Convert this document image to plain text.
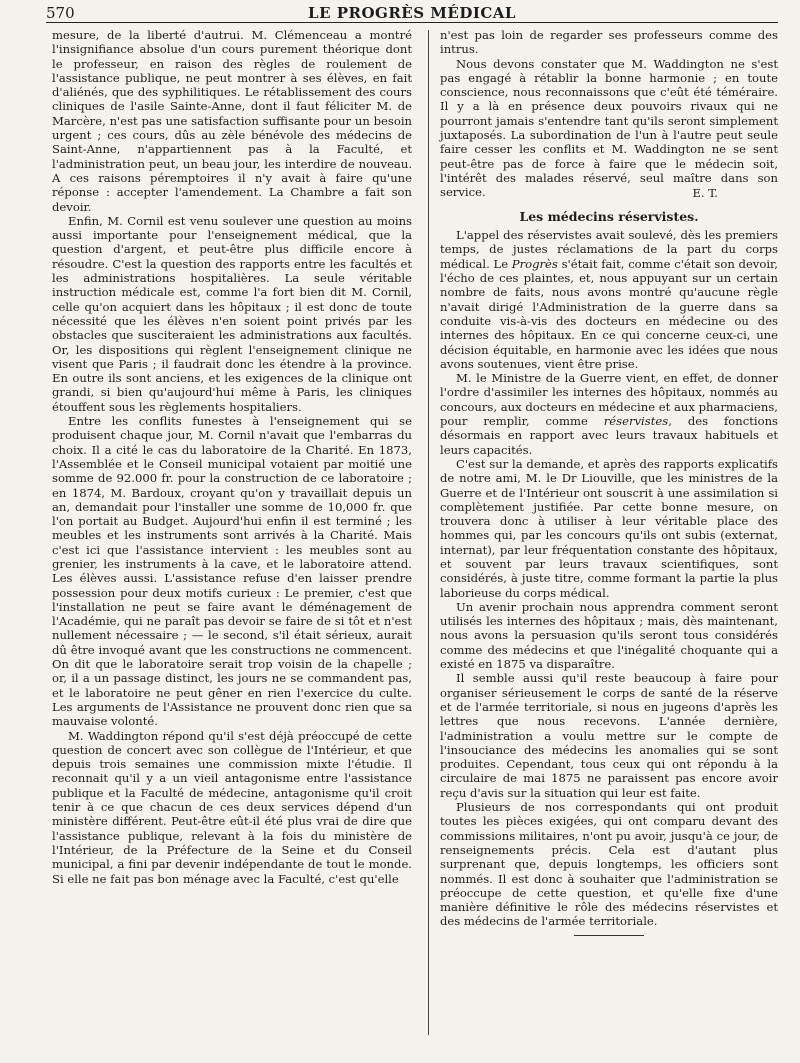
570	LE PROGRÈS MÉDICAL

mesure, de la liberté d'autrui. M. Clémenceau a montré l'insignifiance absolue d'un cours purement théorique dont le professeur, en raison des règles de roulement de l'assistance publique, ne peut montrer à ses élèves, en fait d'aliénés, que des syphilitiques. Le rétablissement des cours cliniques de l'asile Sainte-Anne, dont il faut féliciter M. de Marcère, n'est pas une satisfaction suffisante pour un besoin urgent ; ces cours, dûs au zèle bénévole des médecins de Saint-Anne, n'appartiennent pas à la Faculté, et l'administration peut, un beau jour, les interdire de nouveau. A ces raisons péremptoires il n'y avait à faire qu'une réponse : accepter l'amendement. La Chambre a fait son devoir.

Enfin, M. Cornil est venu soulever une question au moins aussi importante pour l'enseignement médical, que la question d'argent, et peut-être plus difficile encore à résoudre. C'est la question des rapports entre les facultés et les administrations hospitalières. La seule véritable instruction médicale est, comme l'a fort bien dit M. Cornil, celle qu'on acquiert dans les hôpitaux ; il est donc de toute nécessité que les élèves n'en soient point privés par les obstacles que susciteraient les administrations aux facultés. Or, les dispositions qui règlent l'enseignement clinique ne visent que Paris ; il faudrait donc les étendre à la province. En outre ils sont anciens, et les exigences de la clinique ont grandi, si bien qu'aujourd'hui même à Paris, les cliniques étouffent sous les règlements hospitaliers.

Entre les conflits funestes à l'enseignement qui se produisent chaque jour, M. Cornil n'avait que l'embarras du choix. Il a cité le cas du laboratoire de la Charité. En 1873, l'Assemblée et le Conseil municipal votaient par moitié une somme de 92.000 fr. pour la construction de ce laboratoire ; en 1874, M. Bardoux, croyant qu'on y travaillait depuis un an, demandait pour l'installer une somme de 10,000 fr. que l'on portait au Budget. Aujourd'hui enfin il est terminé ; les meubles et les instruments sont arrivés à la Charité. Mais c'est ici que l'assistance intervient : les meubles sont au grenier, les instruments à la cave, et le laboratoire attend. Les élèves aussi. L'assistance refuse d'en laisser prendre possession pour deux motifs curieux : Le premier, c'est que l'installation ne peut se faire avant le déménagement de l'Académie, qui ne paraît pas devoir se faire de si tôt et n'est nullement nécessaire ; — le second, s'il était sérieux, aurait dû être invoqué avant que les constructions ne commencent. On dit que le laboratoire serait trop voisin de la chapelle ; or, il a un passage distinct, les jours ne se commandent pas, et le laboratoire ne peut gêner en rien l'exercice du culte. Les arguments de l'Assistance ne prouvent donc rien que sa mauvaise volonté.

M. Waddington répond qu'il s'est déjà préoccupé de cette question de concert avec son collègue de l'Intérieur, et que depuis trois semaines une commission mixte l'étudie. Il reconnait qu'il y a un vieil antagonisme entre l'assistance publique et la Faculté de médecine, antagonisme qu'il croit tenir à ce que chacun de ces deux services dépend d'un ministère différent. Peut-être eût-il été plus vrai de dire que l'assistance publique, relevant à la fois du ministère de l'Intérieur, de la Préfecture de la Seine et du Conseil municipal, a fini par devenir indépendante de tout le monde. Si elle ne fait pas bon ménage avec la Faculté, c'est qu'elle

n'est pas loin de regarder ses professeurs comme des intrus.

Nous devons constater que M. Waddington ne s'est pas engagé à rétablir la bonne harmonie ; en toute conscience, nous reconnaissons que c'eût été téméraire. Il y a là en présence deux pouvoirs rivaux qui ne pourront jamais s'entendre tant qu'ils seront simplement juxtaposés. La subordination de l'un à l'autre peut seule faire cesser les conflits et M. Waddington ne se sent peut-être pas de force à faire que le médecin soit, l'intérêt des malades réservé, seul maître dans son service.	E. T.
Les médecins réservistes.

L'appel des réservistes avait soulevé, dès les premiers temps, de justes réclamations de la part du corps médical. Le Progrès s'était fait, comme c'était son devoir, l'écho de ces plaintes, et, nous appuyant sur un certain nombre de faits, nous avons montré qu'aucune règle n'avait dirigé l'Administration de la guerre dans sa conduite vis-à-vis des docteurs en médecine ou des internes des hôpitaux. En ce qui concerne ceux-ci, une décision équitable, en harmonie avec les idées que nous avons soutenues, vient être prise.

M. le Ministre de la Guerre vient, en effet, de donner l'ordre d'assimiler les internes des hôpitaux, nommés au concours, aux docteurs en médecine et aux pharmaciens, pour remplir, comme réservistes, des fonctions désormais en rapport avec leurs travaux habituels et leurs capacités.

C'est sur la demande, et après des rapports explicatifs de notre ami, M. le Dr Liouville, que les ministres de la Guerre et de l'Intérieur ont souscrit à une assimilation si complètement justifiée. Par cette bonne mesure, on trouvera donc à utiliser à leur véritable place des hommes qui, par les concours qu'ils ont subis (externat, internat), par leur fréquentation constante des hôpitaux, et souvent par leurs travaux scientifiques, sont considérés, à juste titre, comme formant la partie la plus laborieuse du corps médical.

Un avenir prochain nous apprendra comment seront utilisés les internes des hôpitaux ; mais, dès maintenant, nous avons la persuasion qu'ils seront tous considérés comme des médecins et que l'inégalité choquante qui a existé en 1875 va disparaître.

Il semble aussi qu'il reste beaucoup à faire pour organiser sérieusement le corps de santé de la réserve et de l'armée territoriale, si nous en jugeons d'après les lettres que nous recevons. L'année dernière, l'administration a voulu mettre sur le compte de l'insouciance des médecins les anomalies qui se sont produites. Cependant, tous ceux qui ont répondu à la circulaire de mai 1875 ne paraissent pas encore avoir reçu d'avis sur la situation qui leur est faite.

Plusieurs de nos correspondants qui ont produit toutes les pièces exigées, qui ont comparu devant des commissions militaires, n'ont pu avoir, jusqu'à ce jour, de renseignements précis. Cela est d'autant plus surprenant que, depuis longtemps, les officiers sont nommés. Il est donc à souhaiter que l'administration se préoccupe de cette question, et qu'elle fixe d'une manière définitive le rôle des médecins réservistes et des médecins de l'armée territoriale.
